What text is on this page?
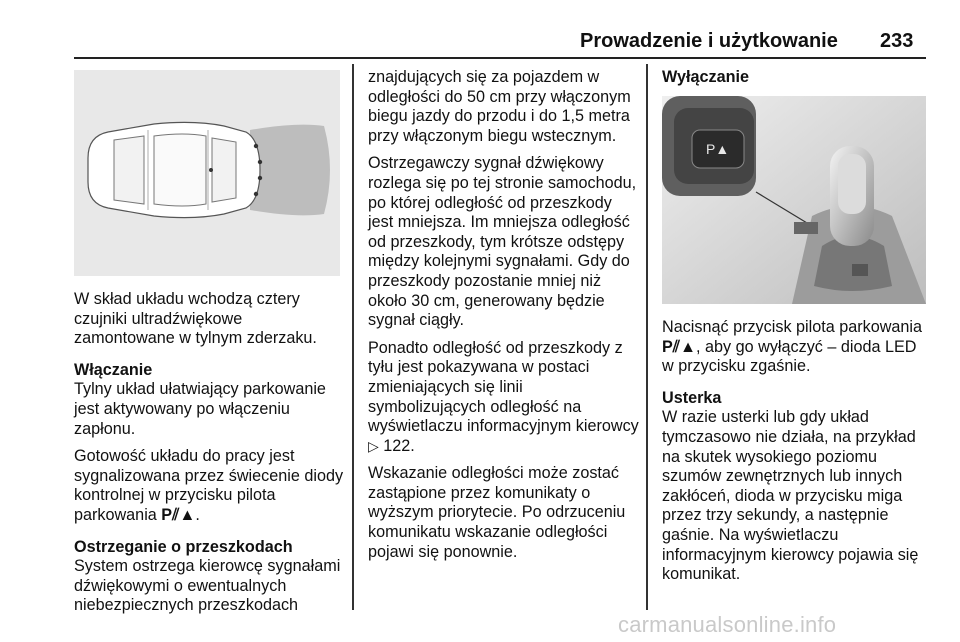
Prowadzenie i użytkowanie 233

W skład układu wchodzą cztery czujniki ultradźwiękowe zamontowane w tylnym zderzaku.

Włączanie

Tylny układ ułatwiający parkowanie jest aktywowany po włączeniu zapłonu.

Gotowość układu do pracy jest sygnalizowana przez świecenie diody kontrolnej w przycisku pilota parkowania P⫽▲.

Ostrzeganie o przeszkodach

System ostrzega kierowcę sygnałami dźwiękowymi o ewentualnych niebezpiecznych przeszkodach

znajdujących się za pojazdem w odległości do 50 cm przy włączonym biegu jazdy do przodu i do 1,5 metra przy włączonym biegu wstecznym.

Ostrzegawczy sygnał dźwiękowy rozlega się po tej stronie samochodu, po której odległość od przeszkody jest mniejsza. Im mniejsza odległość od przeszkody, tym krótsze odstępy między kolejnymi sygnałami. Gdy do przeszkody pozostanie mniej niż około 30 cm, generowany będzie sygnał ciągły.

Ponadto odległość od przeszkody z tyłu jest pokazywana w postaci zmieniających się linii symbolizujących odległość na wyświetlaczu informacyjnym kierowcy ▷ 122.

Wskazanie odległości może zostać zastąpione przez komunikaty o wyższym priorytecie. Po odrzuceniu komunikatu wskazanie odległości pojawi się ponownie.

Wyłączanie
P▲

Nacisnąć przycisk pilota parkowania P⫽▲, aby go wyłączyć – dioda LED w przycisku zgaśnie.

Usterka

W razie usterki lub gdy układ tymczasowo nie działa, na przykład na skutek wysokiego poziomu szumów zewnętrznych lub innych zakłóceń, dioda w przycisku miga przez trzy sekundy, a następnie gaśnie. Na wyświetlaczu informacyjnym kierowcy pojawia się komunikat.

carmanualsonline.info
